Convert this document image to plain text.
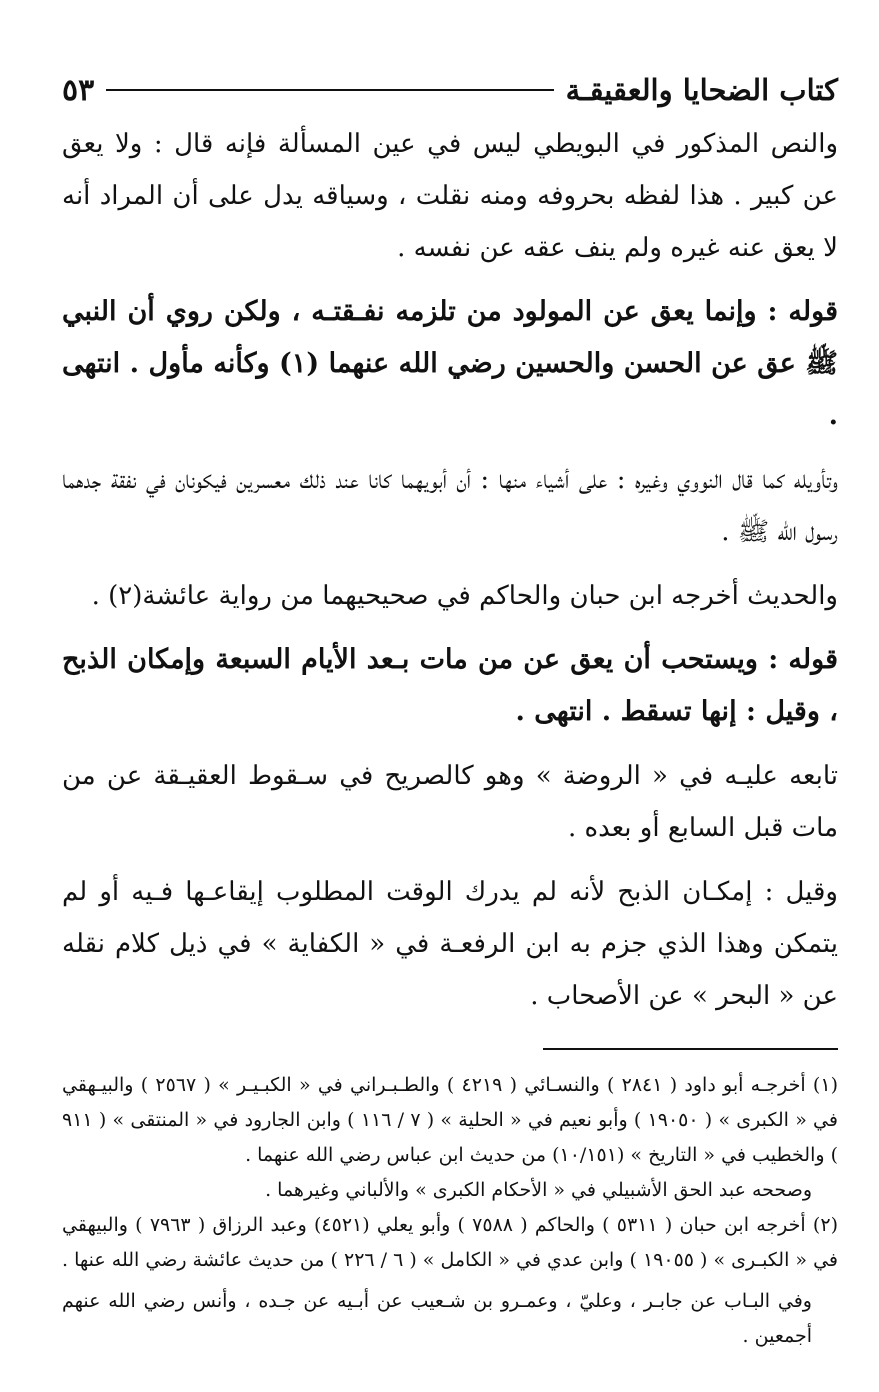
كتاب الضحايا والعقيقـة
٥٣

والنص المذكور في البويطي ليس في عين المسألة فإنه قال : ولا يعق عن كبير . هذا لفظه بحروفه ومنه نقلت ، وسياقه يدل على أن المراد أنه لا يعق عنه غيره ولم ينف عقه عن نفسه .

قوله : وإنما يعق عن المولود من تلزمه نفـقتـه ، ولكن روي أن النبي ﷺ عق عن الحسن والحسين رضي الله عنهما (١) وكأنه مأول . انتهى .

وتأويله كما قال النووي وغيره : على أشياء منها : أن أبويهما كانا عند ذلك معسرين فيكونان في نفقة جدهما رسول الله ﷺ .

والحديث أخرجه ابن حبان والحاكم في صحيحيهما من رواية عائشة(٢) .

قوله : ويستحب أن يعق عن من مات بـعد الأيام السبعة وإمكان الذبح ، وقيل : إنها تسقط . انتهى .

تابعه عليـه في « الروضة » وهو كالصريح في سـقوط العقيـقة عن من مات قبل السابع أو بعده .

وقيل : إمكـان الذبح لأنه لم يدرك الوقت المطلوب إيقاعـها فـيه أو لم يتمكن وهذا الذي جزم به ابن الرفعـة في « الكفاية » في ذيل كلام نقله عن « البحر » عن الأصحاب .

(١) أخرجـه أبو داود ( ٢٨٤١ ) والنسـائي ( ٤٢١٩ ) والطـبـراني في « الكبـيـر » ( ٢٥٦٧ ) والبيـهقي في « الكبرى » ( ١٩٠٥٠ ) وأبو نعيم في « الحلية » ( ٧ / ١١٦ ) وابن الجارود في « المنتقى » ( ٩١١ ) والخطيب في « التاريخ » (١٠/١٥١) من حديث ابن عباس رضي الله عنهما .

وصححه عبد الحق الأشبيلي في « الأحكام الكبرى » والألباني وغيرهما .

(٢) أخرجه ابن حبان ( ٥٣١١ ) والحاكم ( ٧٥٨٨ ) وأبو يعلي (٤٥٢١) وعبد الرزاق ( ٧٩٦٣ ) والبيهقي في « الكبـرى » ( ١٩٠٥٥ ) وابن عدي في « الكامل » ( ٦ / ٢٢٦ ) من حديث عائشة رضي الله عنها .

وفي البـاب عن جابـر ، وعليّ ، وعمـرو بن شـعيب عن أبـيه عن جـده ، وأنس رضي الله عنهم أجمعين .
